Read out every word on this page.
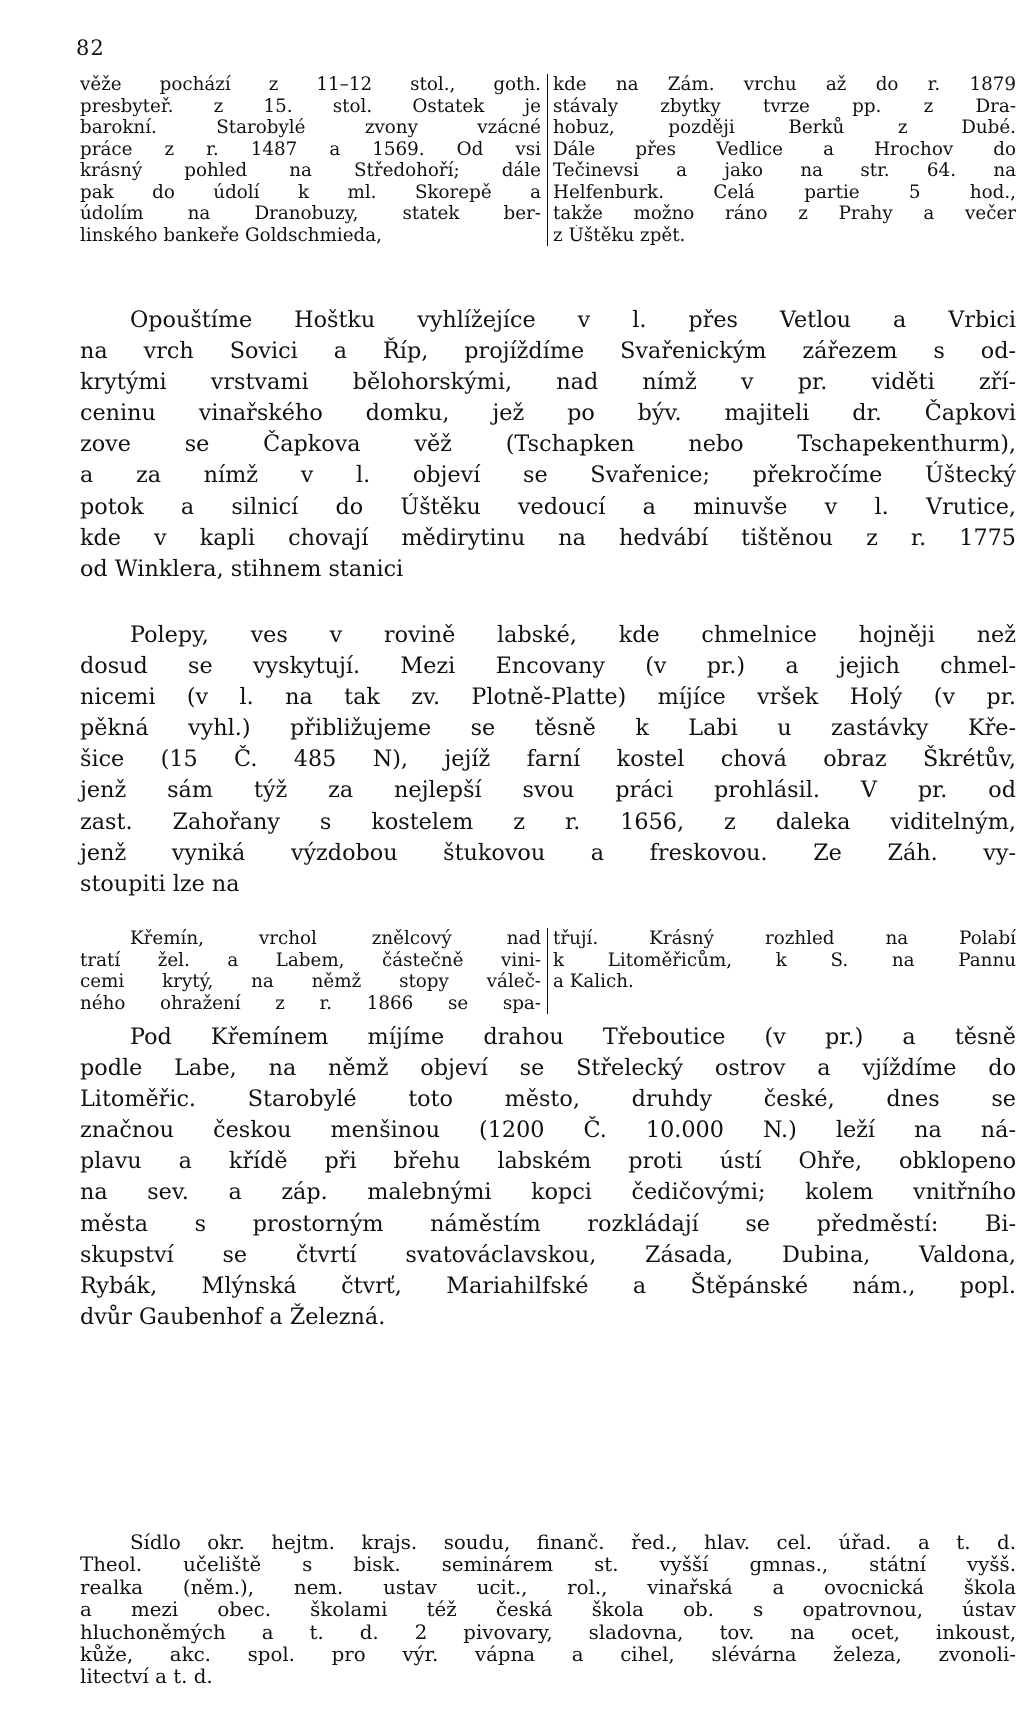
82
věže pochází z 11–12 stol., goth.
presbyteř. z 15. stol. Ostatek je
barokní. Starobylé zvony vzácné
práce z r. 1487 a 1569. Od vsi
krásný pohled na Středohoří; dále
pak do údolí k ml. Skorepě a
údolím na Dranobuzy, statek ber-
linského bankeře Goldschmieda,
kde na Zám. vrchu až do r. 1879
stávaly zbytky tvrze pp. z Dra-
hobuz, později Berků z Dubé.
Dále přes Vedlice a Hrochov do
Tečinevsi a jako na str. 64. na
Helfenburk. Celá partie 5 hod.,
takže možno ráno z Prahy a večer
z Úštěku zpět.
Opouštíme Hoštku vyhlížejíce v l. přes Vetlou a Vrbici
na vrch Sovici a Říp, projíždíme Svařenickým zářezem s od-
krytými vrstvami bělohorskými, nad nímž v pr. viděti zří-
ceninu vinařského domku, jež po býv. majiteli dr. Čapkovi
zove se Čapkova věž (Tschapken nebo Tschapekenthurm),
a za nímž v l. objeví se Svařenice; překročíme Úštecký
potok a silnicí do Úštěku vedoucí a minuvše v l. Vrutice,
kde v kapli chovají mědirytinu na hedvábí tištěnou z r. 1775
od Winklera, stihnem stanici
Polepy, ves v rovině labské, kde chmelnice hojněji než
dosud se vyskytují. Mezi Encovany (v pr.) a jejich chmel-
nicemi (v l. na tak zv. Plotně-Platte) míjíce vršek Holý (v pr.
pěkná vyhl.) přibližujeme se těsně k Labi u zastávky Kře-
šice (15 Č. 485 N), jejíž farní kostel chová obraz Škrétův,
jenž sám týž za nejlepší svou práci prohlásil. V pr. od
zast. Zahořany s kostelem z r. 1656, z daleka viditelným,
jenž vyniká výzdobou štukovou a freskovou. Ze Záh. vy-
stoupiti lze na
Křemín, vrchol znělcový nad
tratí žel. a Labem, částečně vini-
cemi krytý, na němž stopy váleč-
ného ohražení z r. 1866 se spa-
třují. Krásný rozhled na Polabí
k Litoměřicům, k S. na Pannu
a Kalich.
Pod Křemínem míjíme drahou Třeboutice (v pr.) a těsně
podle Labe, na němž objeví se Střelecký ostrov a vjíždíme do
Litoměřic. Starobylé toto město, druhdy české, dnes se
značnou českou menšinou (1200 Č. 10.000 N.) leží na ná-
plavu a křídě při břehu labském proti ústí Ohře, obklopeno
na sev. a záp. malebnými kopci čedičovými; kolem vnitřního
města s prostorným náměstím rozkládají se předměstí: Bi-
skupství se čtvrtí svatováclavskou, Zásada, Dubina, Valdona,
Rybák, Mlýnská čtvrť, Mariahilfské a Štěpánské nám., popl.
dvůr Gaubenhof a Železná.
Sídlo okr. hejtm. krajs. soudu, finanč. řed., hlav. cel. úřad. a t. d.
Theol. učeliště s bisk. seminárem st. vyšší gmnas., státní vyšš.
realka (něm.), nem. ustav ucit., rol., vinařská a ovocnická škola
a mezi obec. školami též česká škola ob. s opatrovnou, ústav
hluchoněmých a t. d. 2 pivovary, sladovna, tov. na ocet, inkoust,
kůže, akc. spol. pro výr. vápna a cihel, slévárna železa, zvonoli-
litectví a t. d.
